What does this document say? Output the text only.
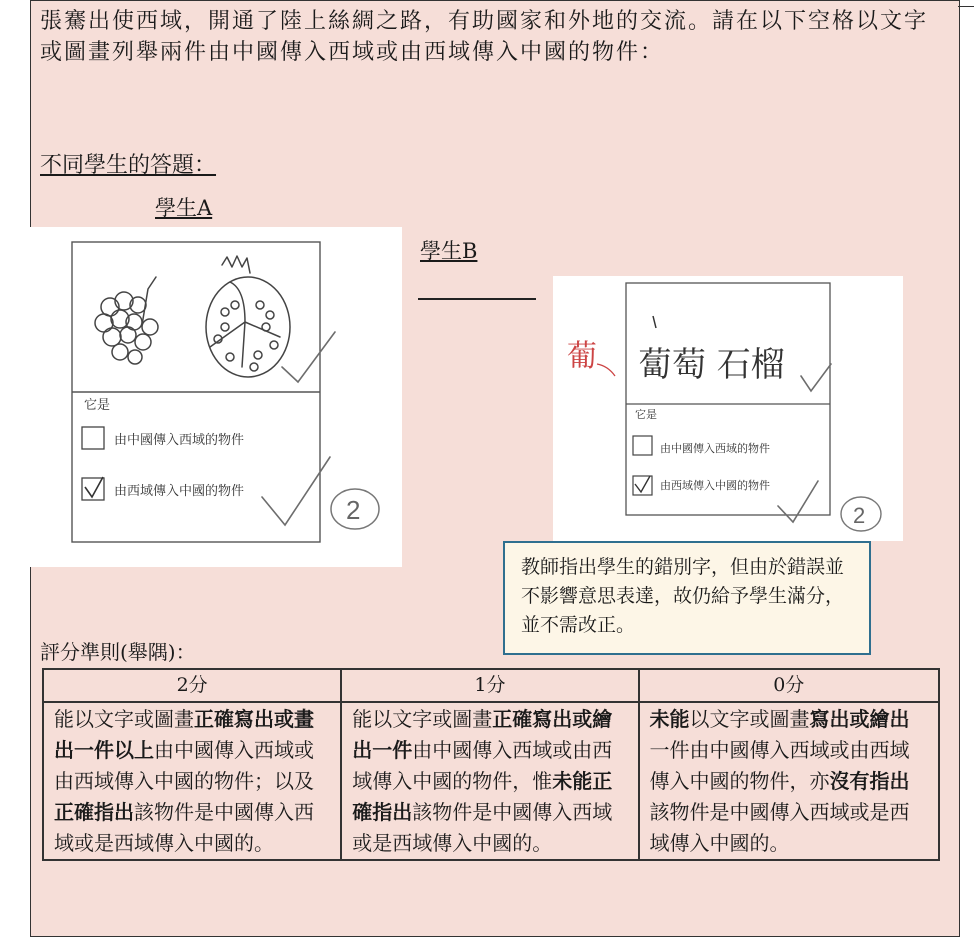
張騫出使西域，開通了陸上絲綢之路，有助國家和外地的交流。請在以下空格以文字或圖畫列舉兩件由中國傳入西域或由西域傳入中國的物件：
不同學生的答題：
學生A
學生B
它是
由中國傳入西域的物件
由西域傳入中國的物件
2
葡 蔔萄 石榴
它是
由中國傳入西域的物件
由西域傳入中國的物件
2
教師指出學生的錯別字，但由於錯誤並不影響意思表達，故仍給予學生滿分，並不需改正。
評分準則(舉隅)：
2分	1分	0分
能以文字或圖畫正確寫出或畫出一件以上由中國傳入西域或由西域傳入中國的物件；以及正確指出該物件是中國傳入西域或是西域傳入中國的。	能以文字或圖畫正確寫出或繪出一件由中國傳入西域或由西域傳入中國的物件，惟未能正確指出該物件是中國傳入西域或是西域傳入中國的。	未能以文字或圖畫寫出或繪出一件由中國傳入西域或由西域傳入中國的物件，亦沒有指出該物件是中國傳入西域或是西域傳入中國的。
